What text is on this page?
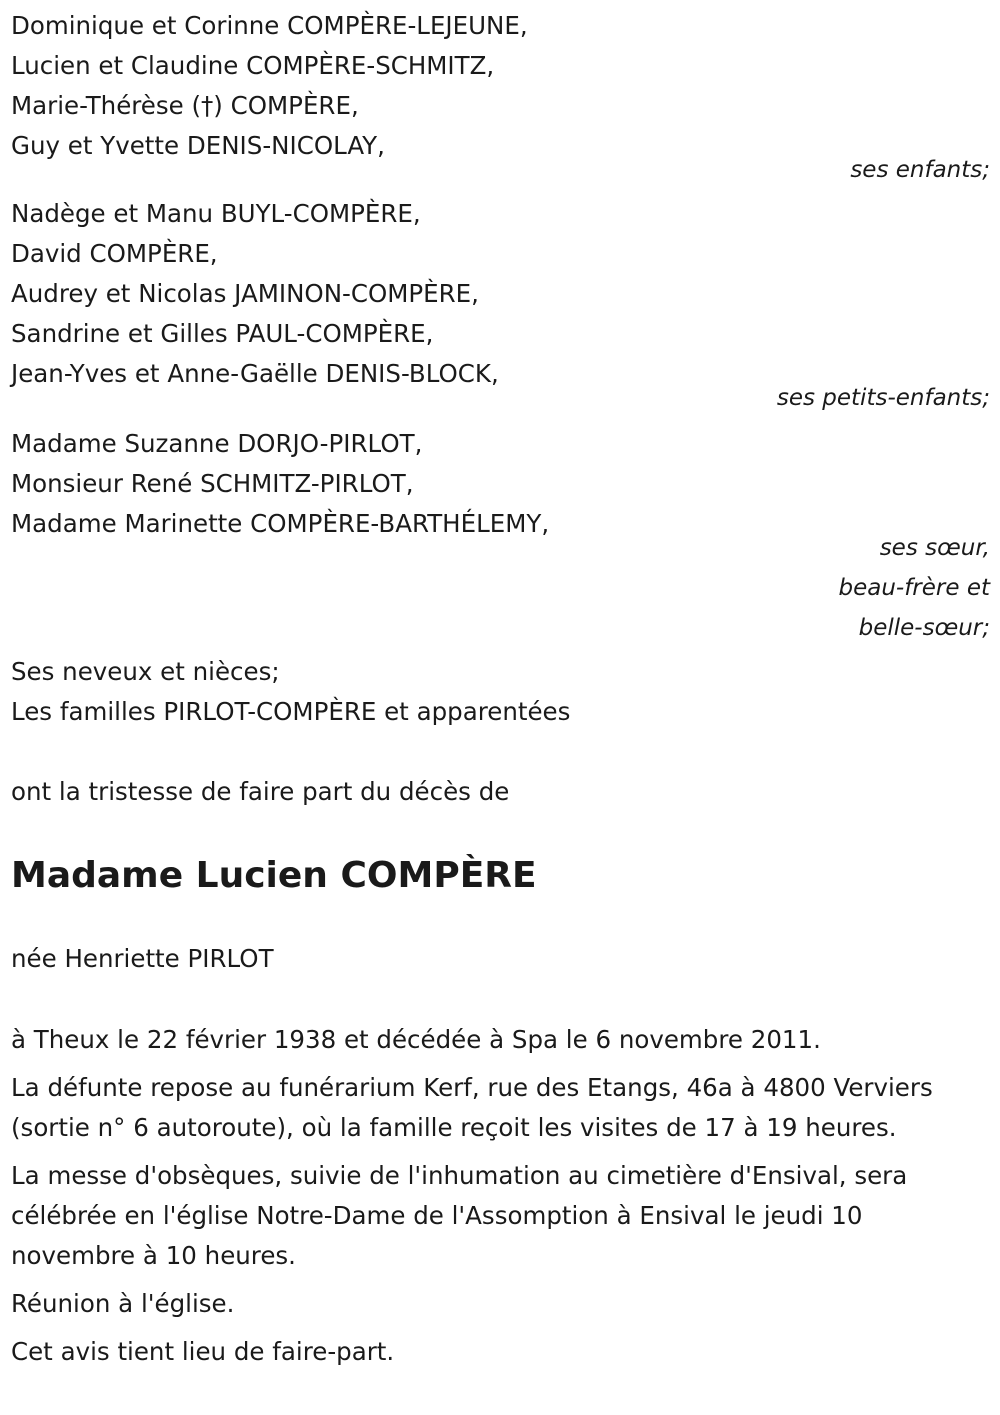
Dominique et Corinne COMPÈRE-LEJEUNE,
Lucien et Claudine COMPÈRE-SCHMITZ,
Marie-Thérèse (†) COMPÈRE,
Guy et Yvette DENIS-NICOLAY,
ses enfants;
Nadège et Manu BUYL-COMPÈRE,
David COMPÈRE,
Audrey et Nicolas JAMINON-COMPÈRE,
Sandrine et Gilles PAUL-COMPÈRE,
Jean-Yves et Anne-Gaëlle DENIS-BLOCK,
ses petits-enfants;
Madame Suzanne DORJO-PIRLOT,
Monsieur René SCHMITZ-PIRLOT,
Madame Marinette COMPÈRE-BARTHÉLEMY,
ses sœur,
beau-frère et
belle-sœur;
Ses neveux et nièces;
Les familles PIRLOT-COMPÈRE et apparentées
ont la tristesse de faire part du décès de
Madame Lucien COMPÈRE
née Henriette PIRLOT
à Theux le 22 février 1938 et décédée à Spa le 6 novembre 2011.
La défunte repose au funérarium Kerf, rue des Etangs, 46a à 4800 Verviers (sortie n° 6 autoroute), où la famille reçoit les visites de 17 à 19 heures.
La messe d'obsèques, suivie de l'inhumation au cimetière d'Ensival, sera célébrée en l'église Notre-Dame de l'Assomption à Ensival le jeudi 10 novembre à 10 heures.
Réunion à l'église.
Cet avis tient lieu de faire-part.
